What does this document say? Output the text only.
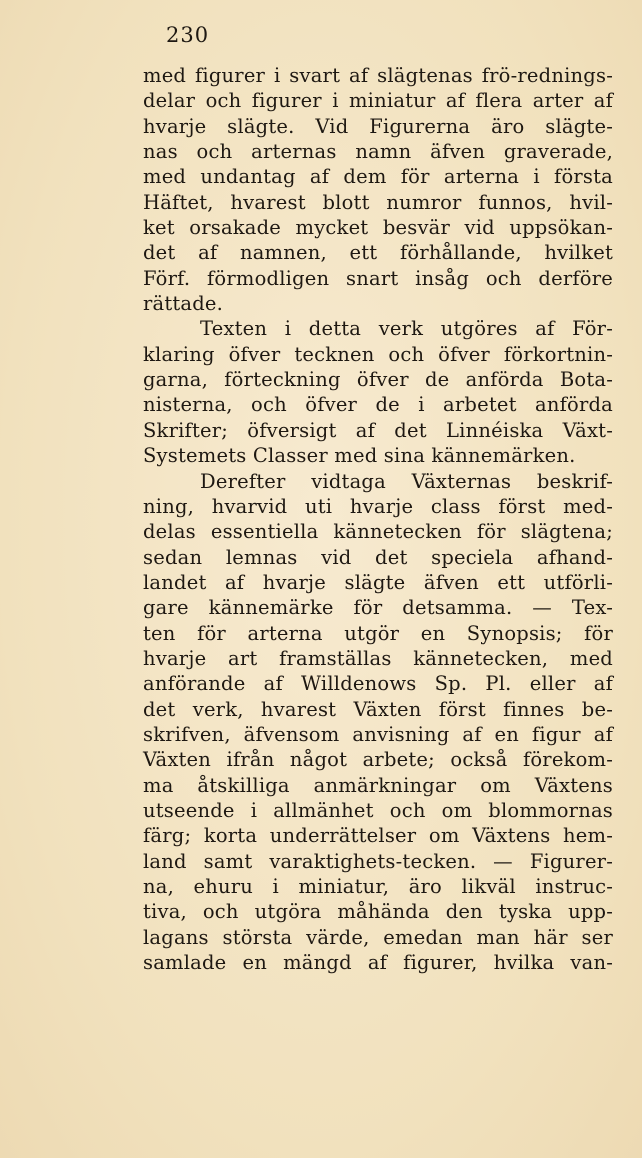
230
med figurer i svart af slägtenas frö-rednings-
delar och figurer i miniatur af flera arter af
hvarje slägte. Vid Figurerna äro slägte-
nas och arternas namn äfven graverade,
med undantag af dem för arterna i första
Häftet, hvarest blott numror funnos, hvil-
ket orsakade mycket besvär vid uppsökan-
det af namnen, ett förhållande, hvilket
Förf. förmodligen snart insåg och derföre
rättade.
Texten i detta verk utgöres af För-
klaring öfver tecknen och öfver förkortnin-
garna, förteckning öfver de anförda Bota-
nisterna, och öfver de i arbetet anförda
Skrifter; öfversigt af det Linnéiska Växt-
Systemets Classer med sina kännemärken.
Derefter vidtaga Växternas beskrif-
ning, hvarvid uti hvarje class först med-
delas essentiella kännetecken för slägtena;
sedan lemnas vid det speciela afhand-
landet af hvarje slägte äfven ett utförli-
gare kännemärke för detsamma. — Tex-
ten för arterna utgör en Synopsis; för
hvarje art framställas kännetecken, med
anförande af Willdenows Sp. Pl. eller af
det verk, hvarest Växten först finnes be-
skrifven, äfvensom anvisning af en figur af
Växten ifrån något arbete; också förekom-
ma åtskilliga anmärkningar om Växtens
utseende i allmänhet och om blommornas
färg; korta underrättelser om Växtens hem-
land samt varaktighets-tecken. — Figurer-
na, ehuru i miniatur, äro likväl instruc-
tiva, och utgöra måhända den tyska upp-
lagans största värde, emedan man här ser
samlade en mängd af figurer, hvilka van-
